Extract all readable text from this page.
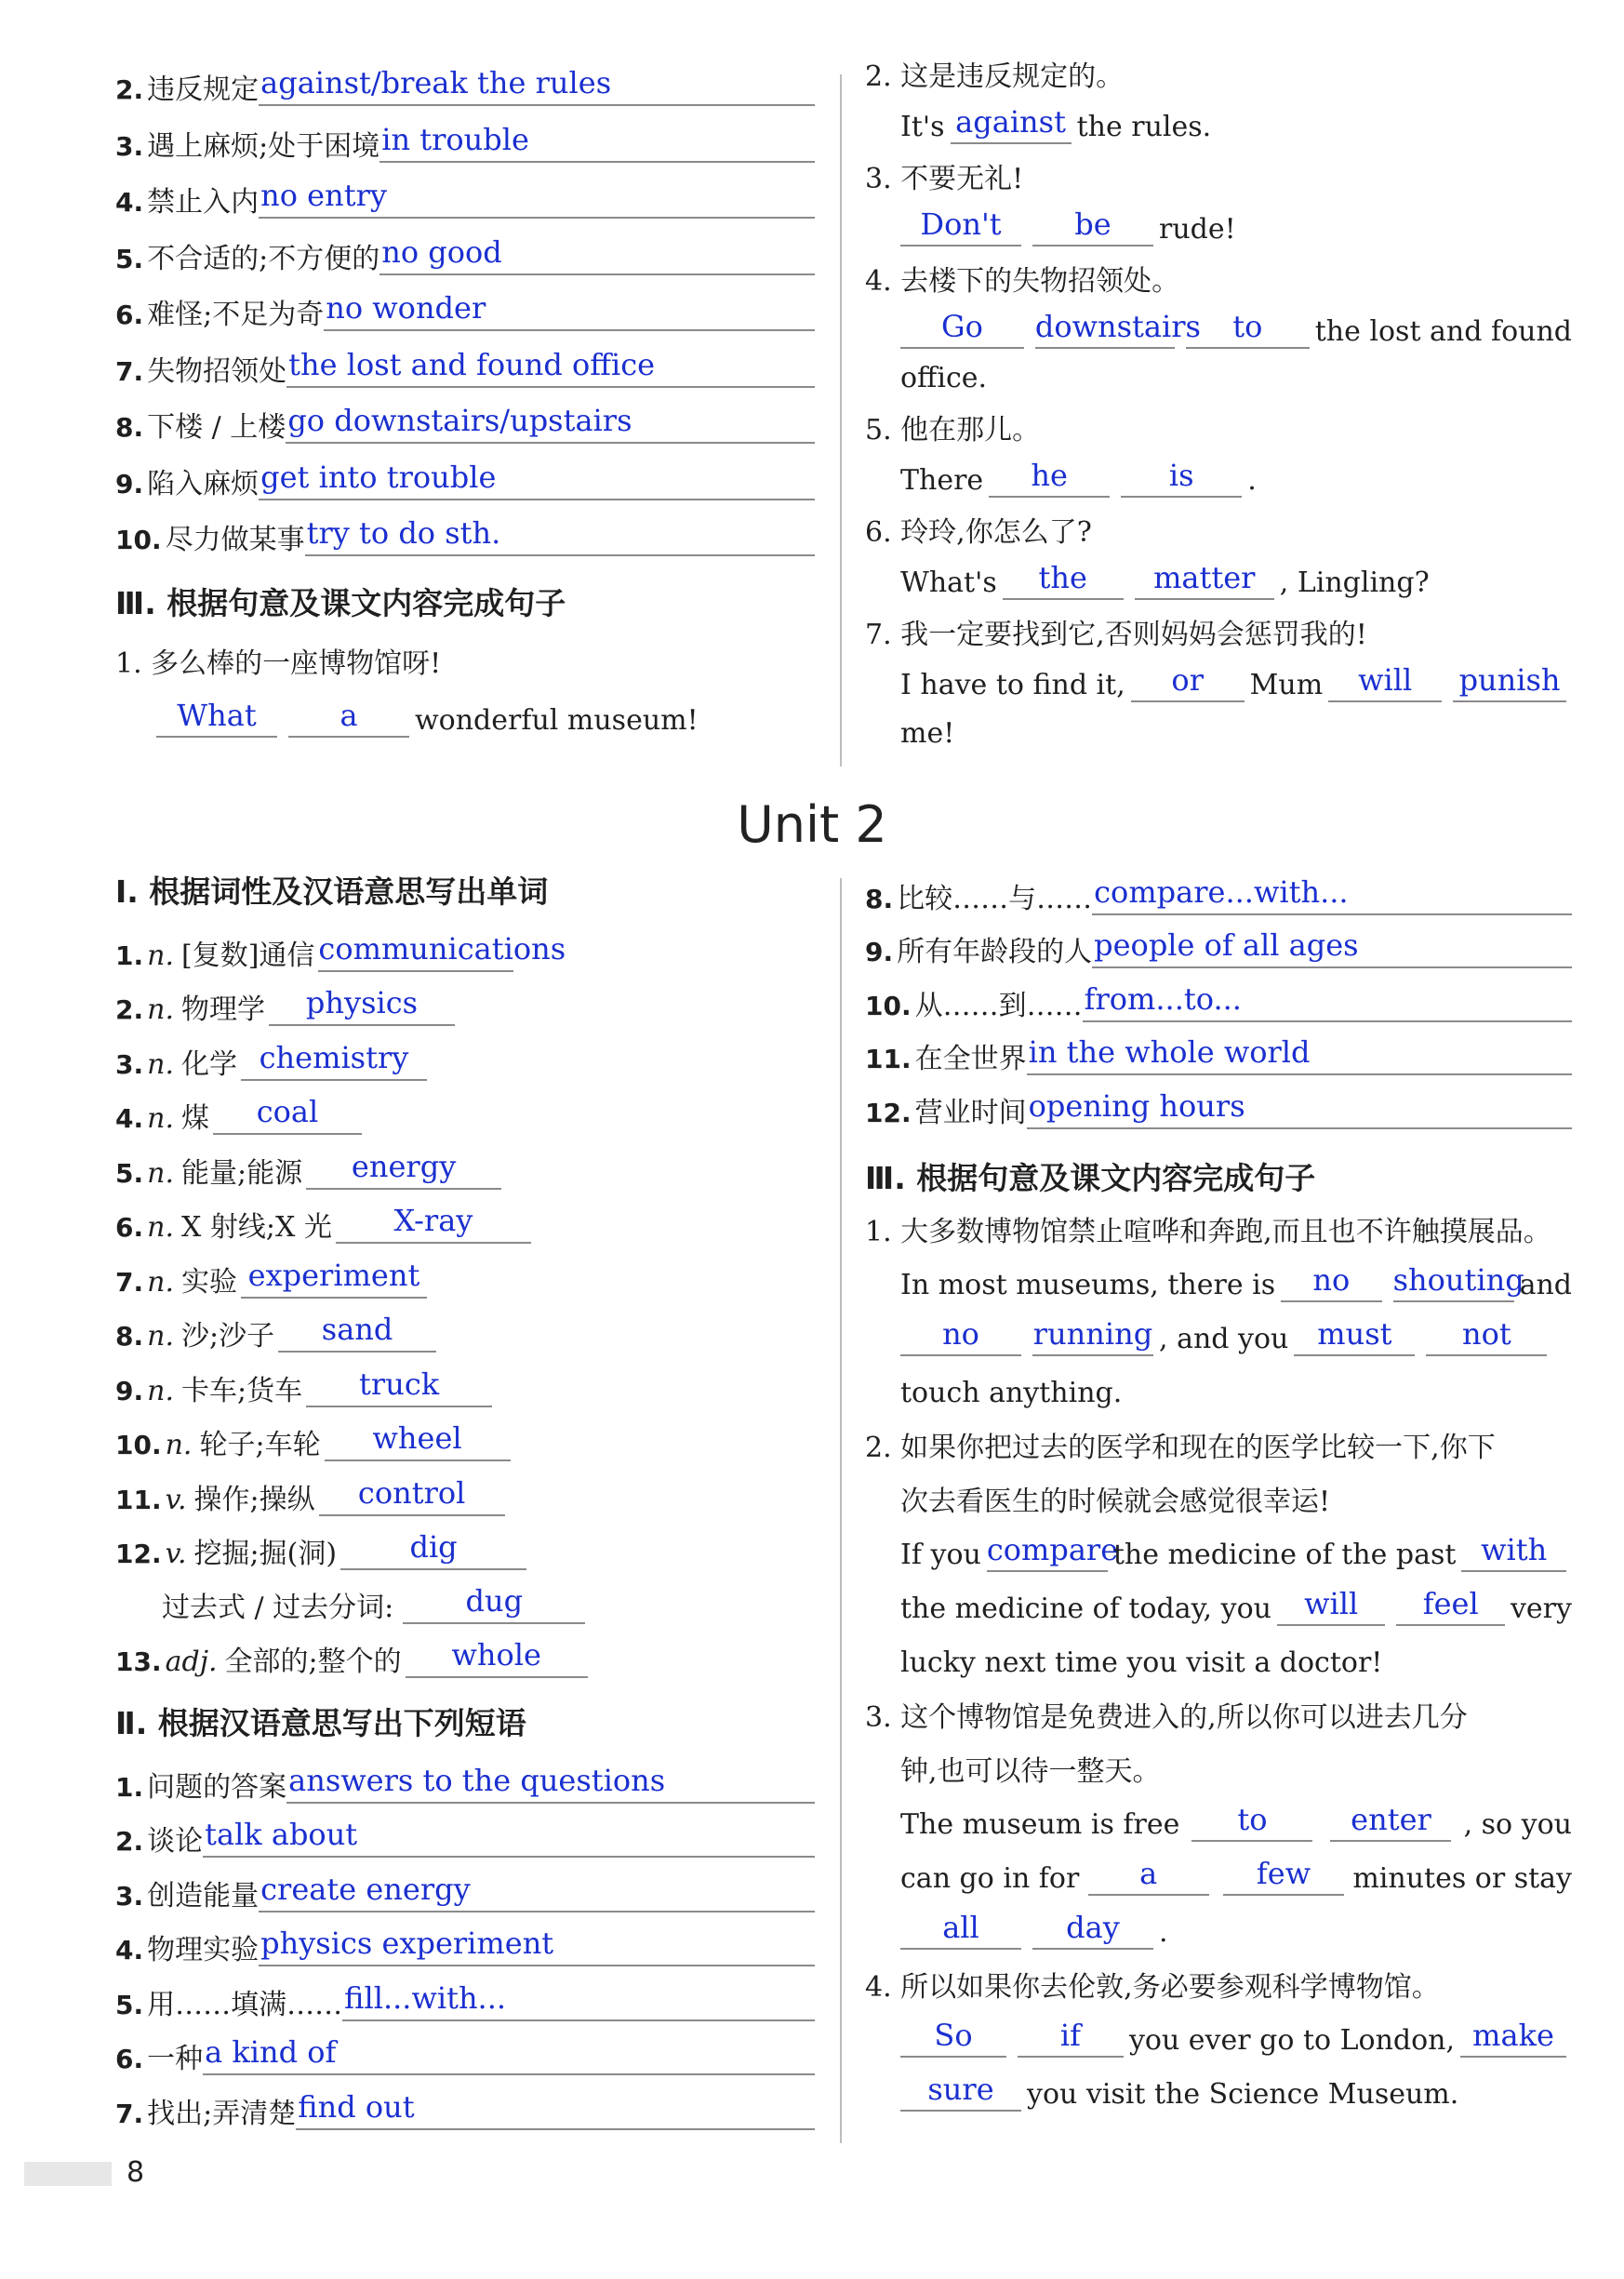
2. 违反规定 against/break the rules
3. 遇上麻烦;处于困境 in trouble
4. 禁止入内 no entry
5. 不合适的;不方便的 no good
6. 难怪;不足为奇 no wonder
7. 失物招领处 the lost and found office
8. 下楼 / 上楼 go downstairs/upstairs
9. 陷入麻烦 get into trouble
10. 尽力做某事 try to do sth.
Ⅲ. 根据句意及课文内容完成句子
1. 多么棒的一座博物馆呀!
What	a	wonderful museum!
2. 这是违反规定的。
It's against the rules.
3. 不要无礼!
Don't	be	rude!
4. 去楼下的失物招领处。
Go	downstairs	to	the lost and found
office.
5. 他在那儿。
There	he	is	.
6. 玲玲,你怎么了?
What's	the	matter , Lingling?
7. 我一定要找到它,否则妈妈会惩罚我的!
I have to find it,	or	Mum	will	punish
me!
Unit 2
Ⅰ. 根据词性及汉语意思写出单词
1. n. [复数]通信 communications
2. n. 物理学	physics
3. n. 化学 chemistry
4. n. 煤	coal
5. n. 能量;能源	energy
6. n. X 射线;X 光	X-ray
7. n. 实验 experiment
8. n. 沙;沙子	sand
9. n. 卡车;货车	truck
10. n. 轮子;车轮	wheel
11. v. 操作;操纵	control
12. v. 挖掘;掘(洞)	dig
过去式 / 过去分词:	dug
13. adj. 全部的;整个的	whole
Ⅱ. 根据汉语意思写出下列短语
1. 问题的答案 answers to the questions
2. 谈论 talk about
3. 创造能量 create energy
4. 物理实验 physics experiment
5. 用……填满…… fill...with...
6. 一种 a kind of
7. 找出;弄清楚 find out
8. 比较……与…… compare...with...
9. 所有年龄段的人 people of all ages
10. 从……到…… from...to...
11. 在全世界 in the whole world
12. 营业时间 opening hours
Ⅲ. 根据句意及课文内容完成句子
1. 大多数博物馆禁止喧哗和奔跑,而且也不许触摸展品。
In most museums, there is	no	shouting
and
no	running , and you must	not
touch anything.
2. 如果你把过去的医学和现在的医学比较一下,你下
次去看医生的时候就会感觉很幸运!
If you compare
the medicine of the past with
the medicine of today, you	will	feel	very
lucky next time you visit a doctor!
3. 这个博物馆是免费进入的,所以你可以进去几分
钟,也可以待一整天。
The museum is free	to	enter	, so you
can go in for	a	few	minutes or stay
all	day	.
4. 所以如果你去伦敦,务必要参观科学博物馆。
So	if	you ever go to London, make
sure	you visit the Science Museum.
8
